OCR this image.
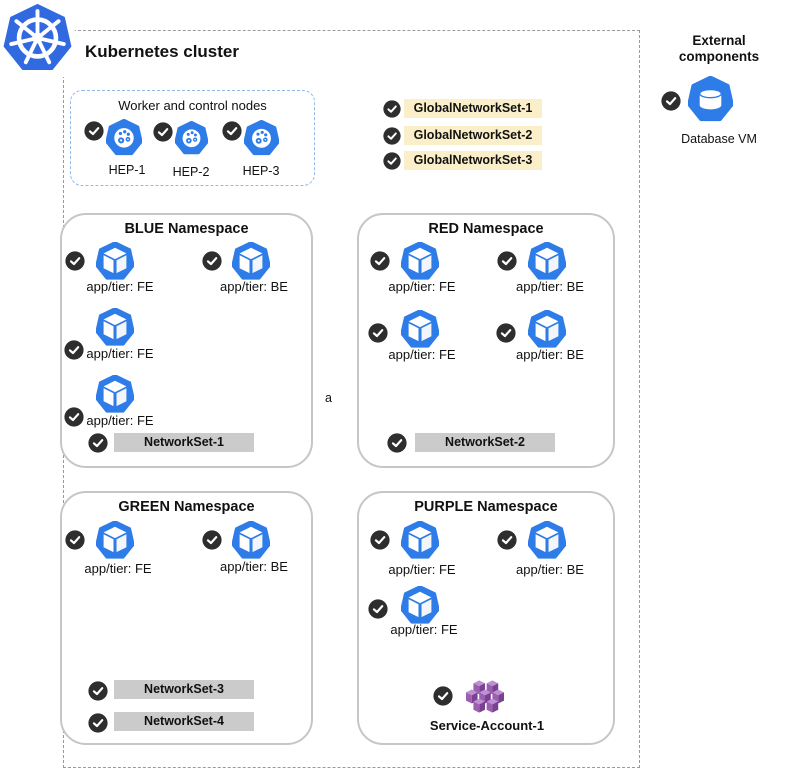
Kubernetes cluster
Worker and control nodes
HEP-1 HEP-2	HEP-3
GlobalNetworkSet-1
GlobalNetworkSet-2
GlobalNetworkSet-3
BLUE Namespace
app/tier: FE	app/tier: BE
app/tier: FE
app/tier: FE
NetworkSet-1
RED Namespace
app/tier: FE	app/tier: BE
app/tier: FE	app/tier: BE
NetworkSet-2
a
GREEN Namespace
app/tier: FE	app/tier: BE
NetworkSet-3
NetworkSet-4
PURPLE Namespace
app/tier: FE	app/tier: BE
app/tier: FE
Service-Account-1
External components
Database VM
